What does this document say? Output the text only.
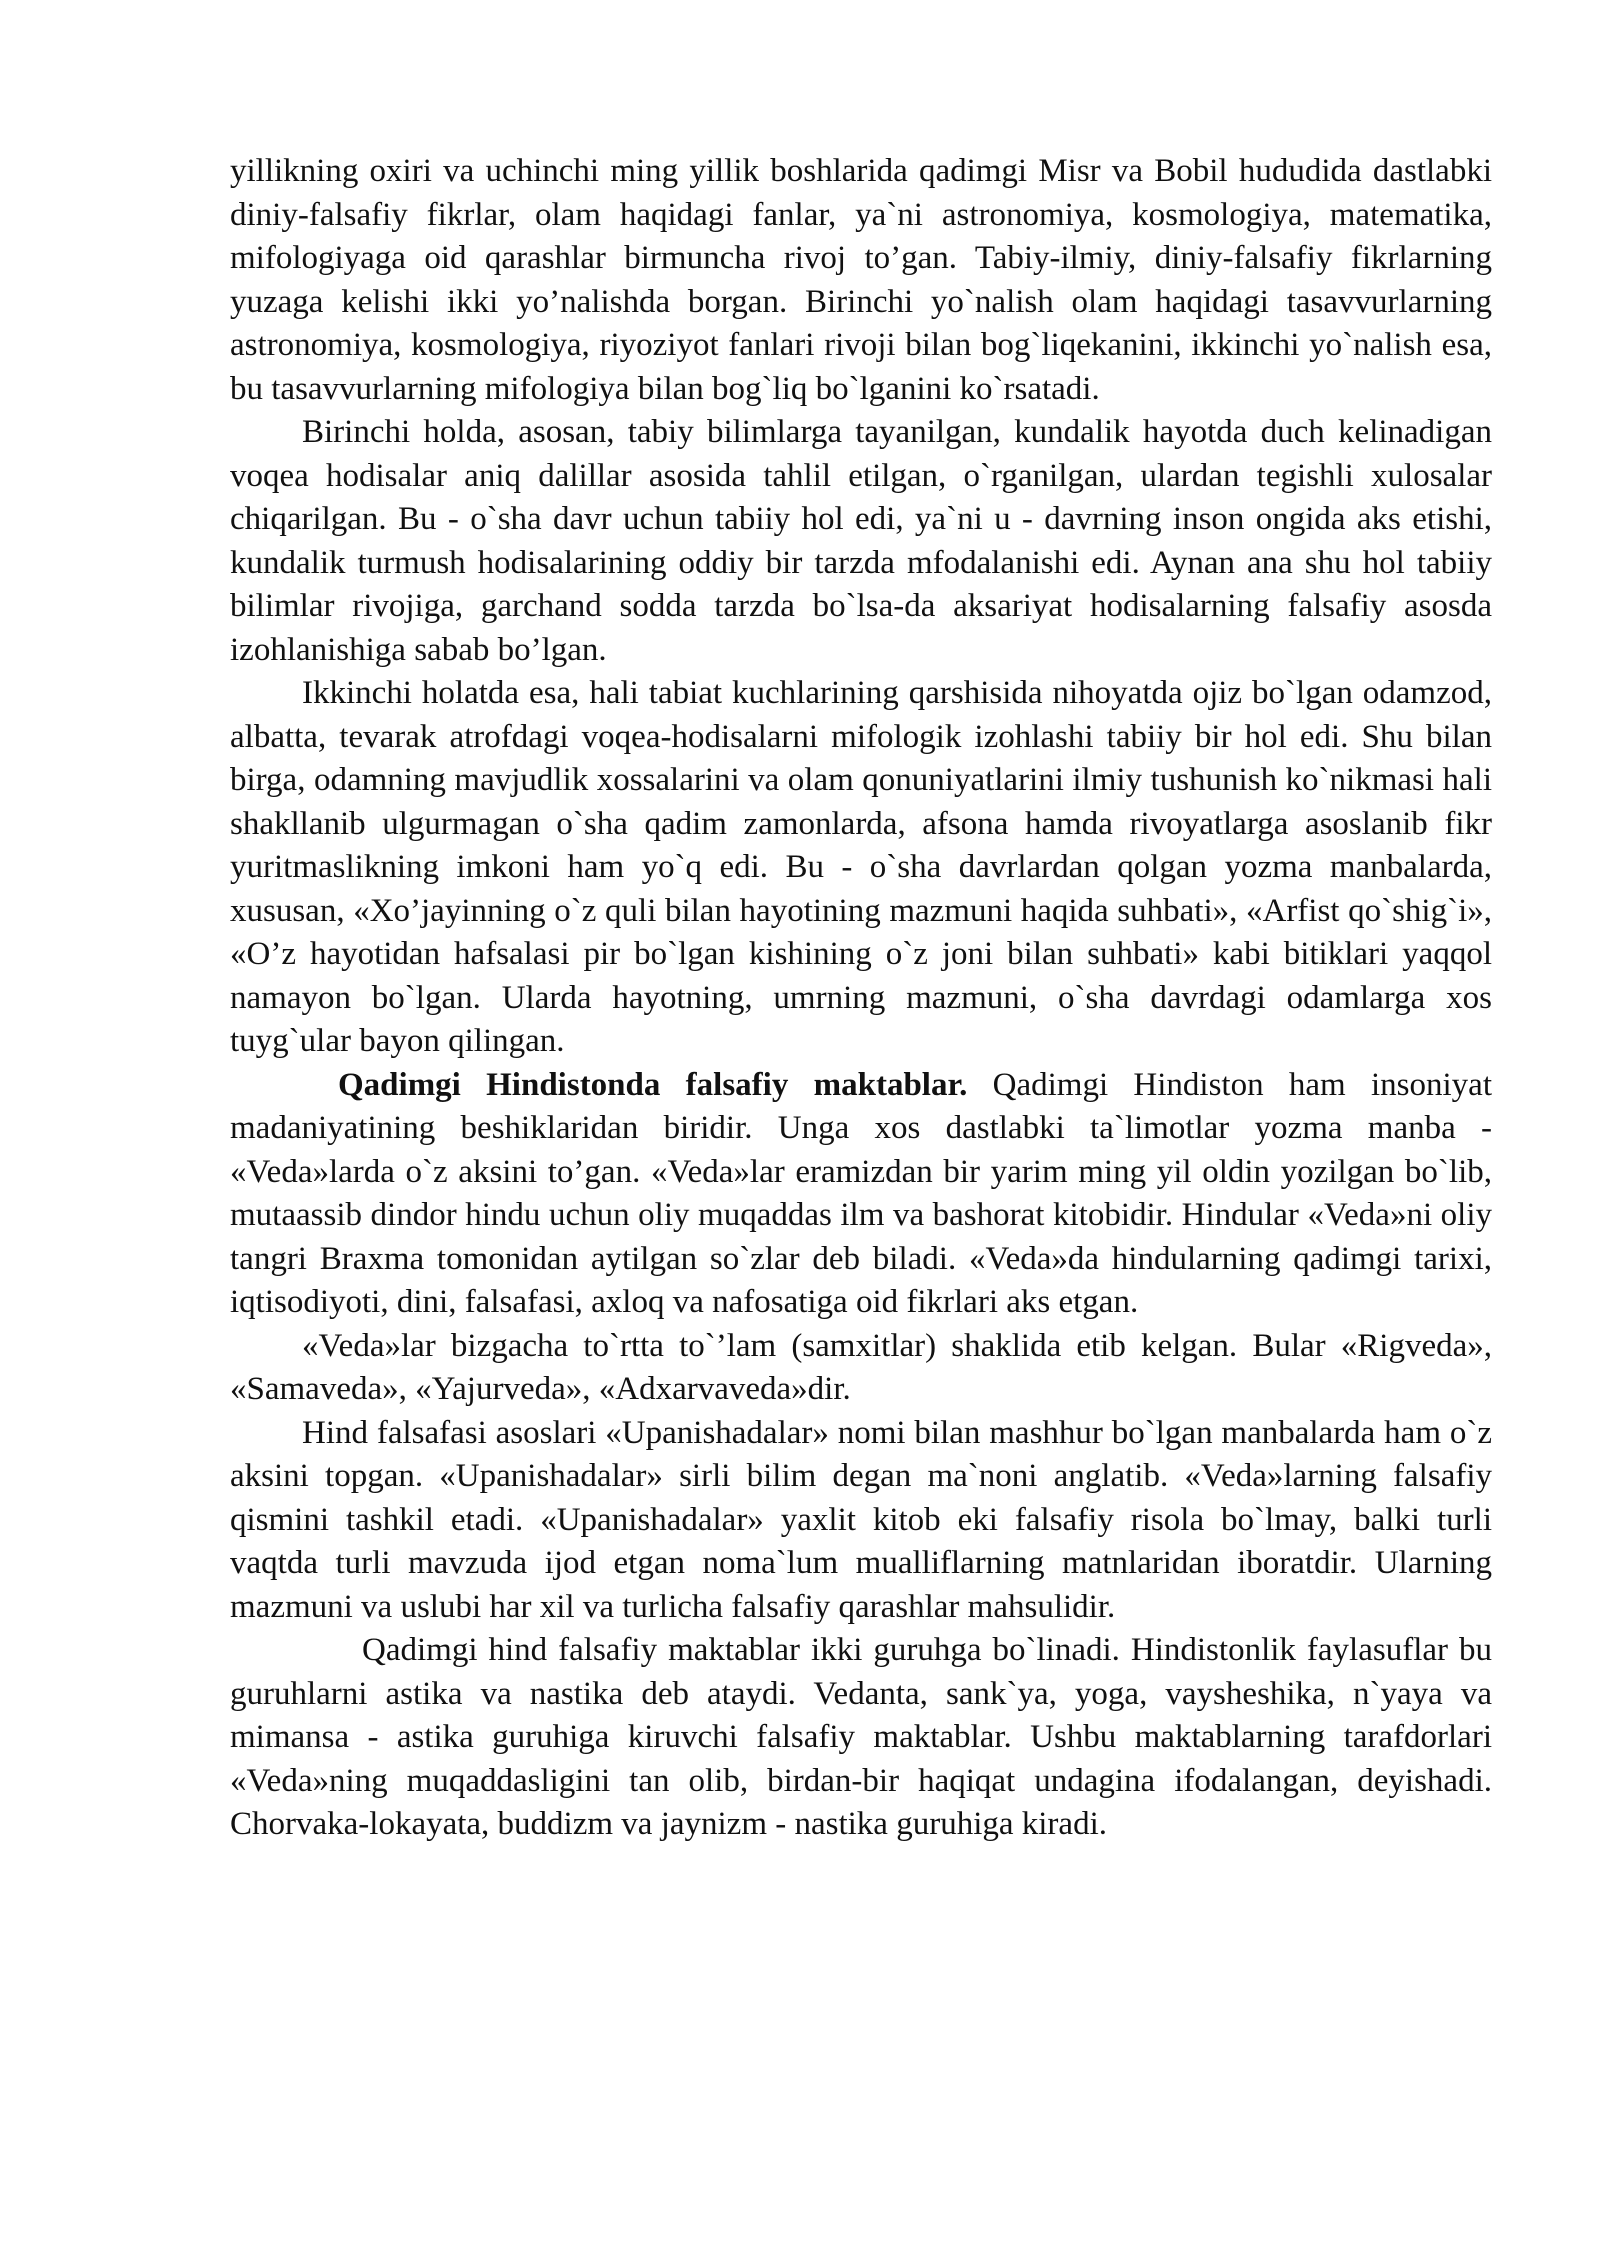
yillikning oxiri va uchinchi ming yillik boshlarida qadimgi Misr va Bobil hududida dastlabki diniy-falsafiy fikrlar, olam haqidagi fanlar, ya`ni astronomiya, kosmologiya, matematika, mifologiyaga oid qarashlar birmuncha rivoj to’gan. Tabiy-ilmiy, diniy-falsafiy fikrlarning yuzaga kelishi ikki yo’nalishda borgan. Birinchi yo`nalish olam haqidagi tasavvurlarning astronomiya, kosmologiya, riyoziyot fanlari rivoji bilan bog`liqekanini, ikkinchi yo`nalish esa, bu tasavvurlarning mifologiya bilan bog`liq bo`lganini ko`rsatadi.

Birinchi holda, asosan, tabiy bilimlarga tayanilgan, kundalik hayotda duch kelinadigan voqea hodisalar aniq dalillar asosida tahlil etilgan, o`rganilgan, ulardan tegishli xulosalar chiqarilgan. Bu - o`sha davr uchun tabiiy hol edi, ya`ni u - davrning inson ongida aks etishi, kundalik turmush hodisalarining oddiy bir tarzda mfodalanishi edi. Aynan ana shu hol tabiiy bilimlar rivojiga, garchand sodda tarzda bo`lsa-da aksariyat hodisalarning falsafiy asosda izohlanishiga sabab bo’lgan.

Ikkinchi holatda esa, hali tabiat kuchlarining qarshisida nihoyatda ojiz bo`lgan odamzod, albatta, tevarak atrofdagi voqea-hodisalarni mifologik izohlashi tabiiy bir hol edi. Shu bilan birga, odamning mavjudlik xossalarini va olam qonuniyatlarini ilmiy tushunish ko`nikmasi hali shakllanib ulgurmagan o`sha qadim zamonlarda, afsona hamda rivoyatlarga asoslanib fikr yuritmaslikning imkoni ham yo`q edi. Bu - o`sha davrlardan qolgan yozma manbalarda, xususan, «Xo’jayinning o`z quli bilan hayotining mazmuni haqida suhbati», «Arfist qo`shig`i», «O’z hayotidan hafsalasi pir bo`lgan kishining o`z joni bilan suhbati» kabi bitiklari yaqqol namayon bo`lgan. Ularda hayotning, umrning mazmuni, o`sha davrdagi odamlarga xos tuyg`ular bayon qilingan.

Qadimgi Hindistonda falsafiy maktablar. Qadimgi Hindiston ham insoniyat madaniyatining beshiklaridan biridir. Unga xos dastlabki ta`limotlar yozma manba - «Veda»larda o`z aksini to’gan. «Veda»lar eramizdan bir yarim ming yil oldin yozilgan bo`lib, mutaassib dindor hindu uchun oliy muqaddas ilm va bashorat kitobidir. Hindular «Veda»ni oliy tangri Braxma tomonidan aytilgan so`zlar deb biladi. «Veda»da hindularning qadimgi tarixi, iqtisodiyoti, dini, falsafasi, axloq va nafosatiga oid fikrlari aks etgan.

«Veda»lar bizgacha to`rtta to`’lam (samxitlar) shaklida etib kelgan. Bular «Rigveda», «Samaveda», «Yajurveda», «Adxarvaveda»dir.

Hind falsafasi asoslari «Upanishadalar» nomi bilan mashhur bo`lgan manbalarda ham o`z aksini topgan. «Upanishadalar» sirli bilim degan ma`noni anglatib. «Veda»larning falsafiy qismini tashkil etadi. «Upanishadalar» yaxlit kitob eki falsafiy risola bo`lmay, balki turli vaqtda turli mavzuda ijod etgan noma`lum mualliflarning matnlaridan iboratdir. Ularning mazmuni va uslubi har xil va turlicha falsafiy qarashlar mahsulidir.

Qadimgi hind falsafiy maktablar ikki guruhga bo`linadi. Hindistonlik faylasuflar bu guruhlarni astika va nastika deb ataydi. Vedanta, sank`ya, yoga, vaysheshika, n`yaya va mimansa - astika guruhiga kiruvchi falsafiy maktablar. Ushbu maktablarning tarafdorlari «Veda»ning muqaddasligini tan olib, birdan-bir haqiqat undagina ifodalangan, deyishadi. Chorvaka-lokayata, buddizm va jaynizm - nastika guruhiga kiradi.
